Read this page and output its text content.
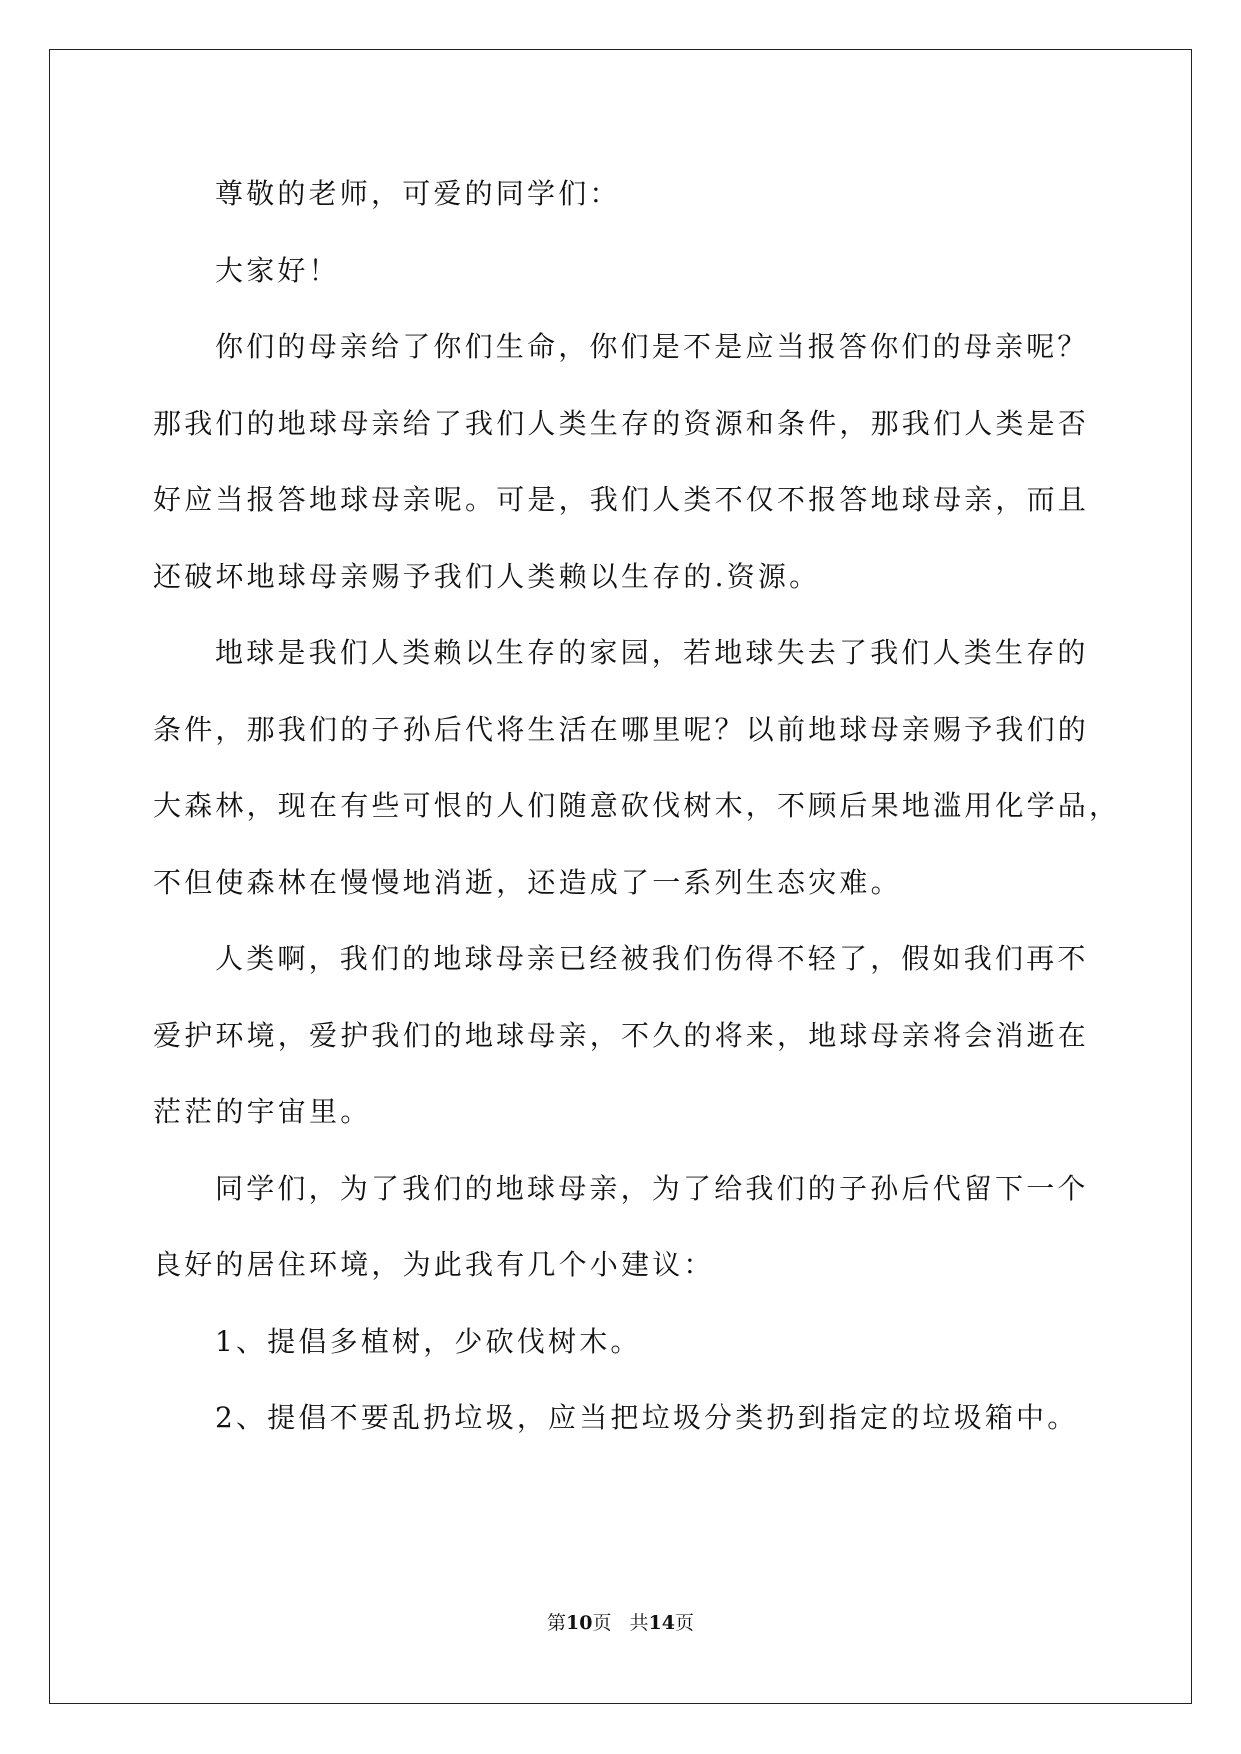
尊敬的老师，可爱的同学们：

大家好！

你们的母亲给了你们生命，你们是不是应当报答你们的母亲呢？

那我们的地球母亲给了我们人类生存的资源和条件，那我们人类是否

好应当报答地球母亲呢。可是，我们人类不仅不报答地球母亲，而且

还破坏地球母亲赐予我们人类赖以生存的.资源。

地球是我们人类赖以生存的家园，若地球失去了我们人类生存的

条件，那我们的子孙后代将生活在哪里呢？以前地球母亲赐予我们的

大森林，现在有些可恨的人们随意砍伐树木，不顾后果地滥用化学品，

不但使森林在慢慢地消逝，还造成了一系列生态灾难。

人类啊，我们的地球母亲已经被我们伤得不轻了，假如我们再不

爱护环境，爱护我们的地球母亲，不久的将来，地球母亲将会消逝在

茫茫的宇宙里。

同学们，为了我们的地球母亲，为了给我们的子孙后代留下一个

良好的居住环境，为此我有几个小建议：

1、提倡多植树，少砍伐树木。

2、提倡不要乱扔垃圾，应当把垃圾分类扔到指定的垃圾箱中。

第10页 共14页
